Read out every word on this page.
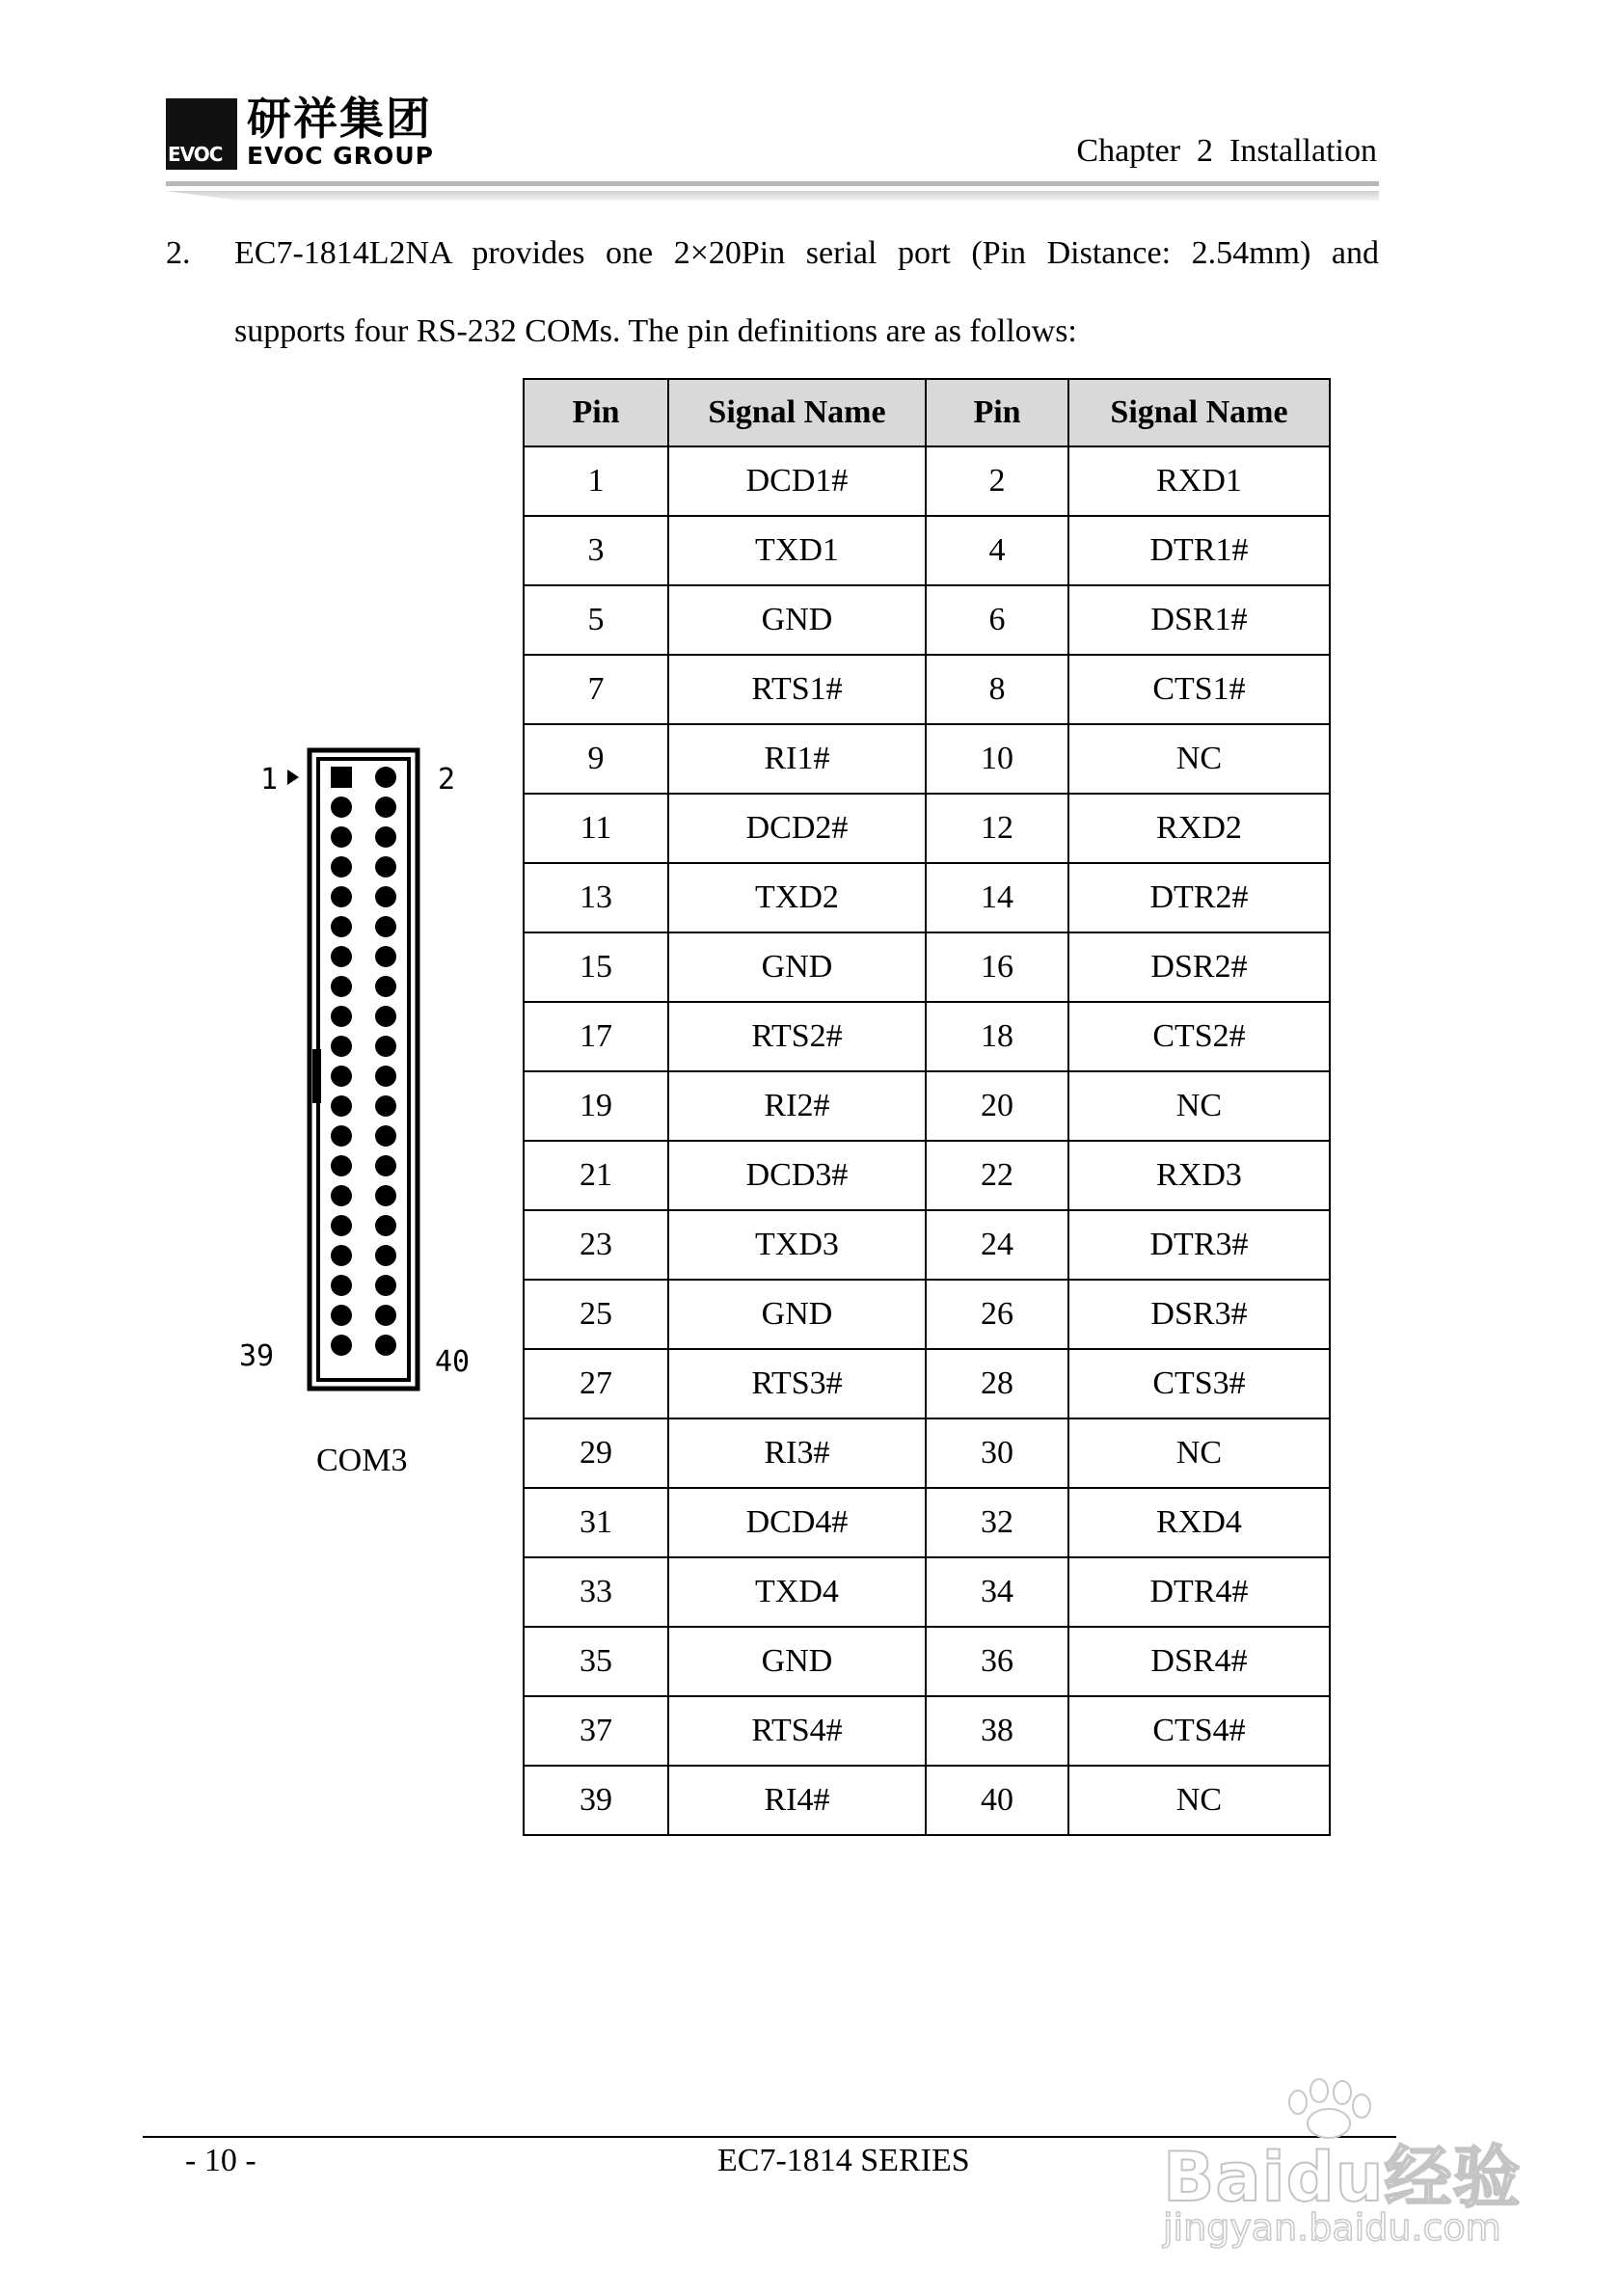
EVOC
研祥集团
EVOC GROUP	Chapter  2  Installation
2. EC7-1814L2NA provides one 2×20Pin serial port (Pin Distance: 2.54mm) and
supports four RS-232 COMs. The pin definitions are as follows:
1	2
39	40
COM3
Pin	Signal Name	Pin	Signal Name
1	DCD1#	2	RXD1
3	TXD1	4	DTR1#
5	GND	6	DSR1#
7	RTS1#	8	CTS1#
9	RI1#	10	NC
11	DCD2#	12	RXD2
13	TXD2	14	DTR2#
15	GND	16	DSR2#
17	RTS2#	18	CTS2#
19	RI2#	20	NC
21	DCD3#	22	RXD3
23	TXD3	24	DTR3#
25	GND	26	DSR3#
27	RTS3#	28	CTS3#
29	RI3#	30	NC
31	DCD4#	32	RXD4
33	TXD4	34	DTR4#
35	GND	36	DSR4#
37	RTS4#	38	CTS4#
39	RI4#	40	NC
- 10 -	EC7-1814 SERIES	Baidu经验
jingyan.baidu.com
